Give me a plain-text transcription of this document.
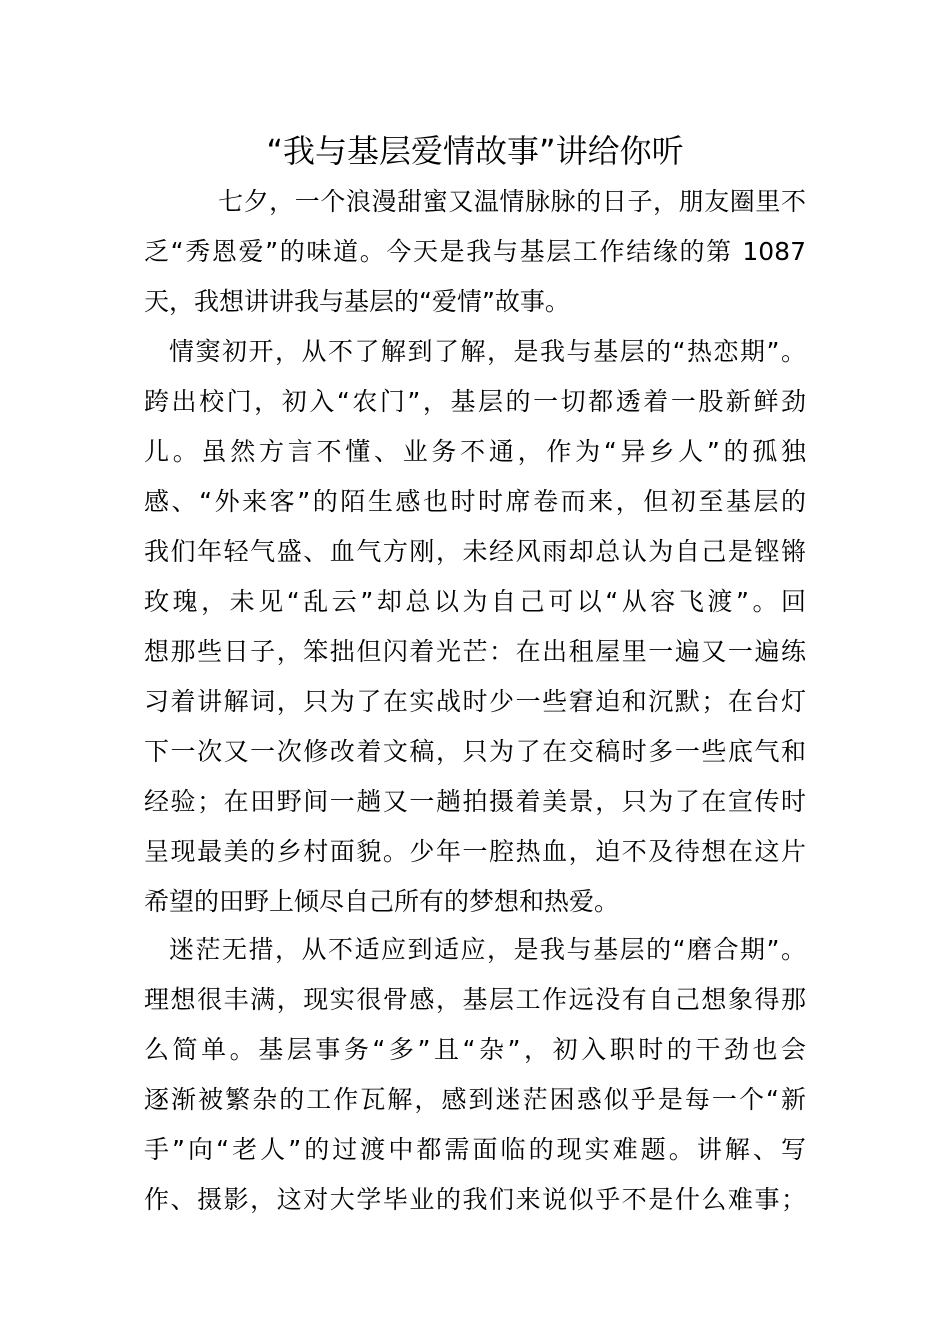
“我与基层爱情故事”讲给你听
七夕，一个浪漫甜蜜又温情脉脉的日子，朋友圈里不
乏“秀恩爱”的味道。今天是我与基层工作结缘的第 1087
天，我想讲讲我与基层的“爱情”故事。
情窦初开，从不了解到了解，是我与基层的“热恋期”。
跨出校门，初入“农门”，基层的一切都透着一股新鲜劲
儿。虽然方言不懂、业务不通，作为“异乡人”的孤独
感、“外来客”的陌生感也时时席卷而来，但初至基层的
我们年轻气盛、血气方刚，未经风雨却总认为自己是铿锵
玫瑰，未见“乱云”却总以为自己可以“从容飞渡”。回
想那些日子，笨拙但闪着光芒：在出租屋里一遍又一遍练
习着讲解词，只为了在实战时少一些窘迫和沉默；在台灯
下一次又一次修改着文稿，只为了在交稿时多一些底气和
经验；在田野间一趟又一趟拍摄着美景，只为了在宣传时
呈现最美的乡村面貌。少年一腔热血，迫不及待想在这片
希望的田野上倾尽自己所有的梦想和热爱。
迷茫无措，从不适应到适应，是我与基层的“磨合期”。
理想很丰满，现实很骨感，基层工作远没有自己想象得那
么简单。基层事务“多”且“杂”，初入职时的干劲也会
逐渐被繁杂的工作瓦解，感到迷茫困惑似乎是每一个“新
手”向“老人”的过渡中都需面临的现实难题。讲解、写
作、摄影，这对大学毕业的我们来说似乎不是什么难事；
